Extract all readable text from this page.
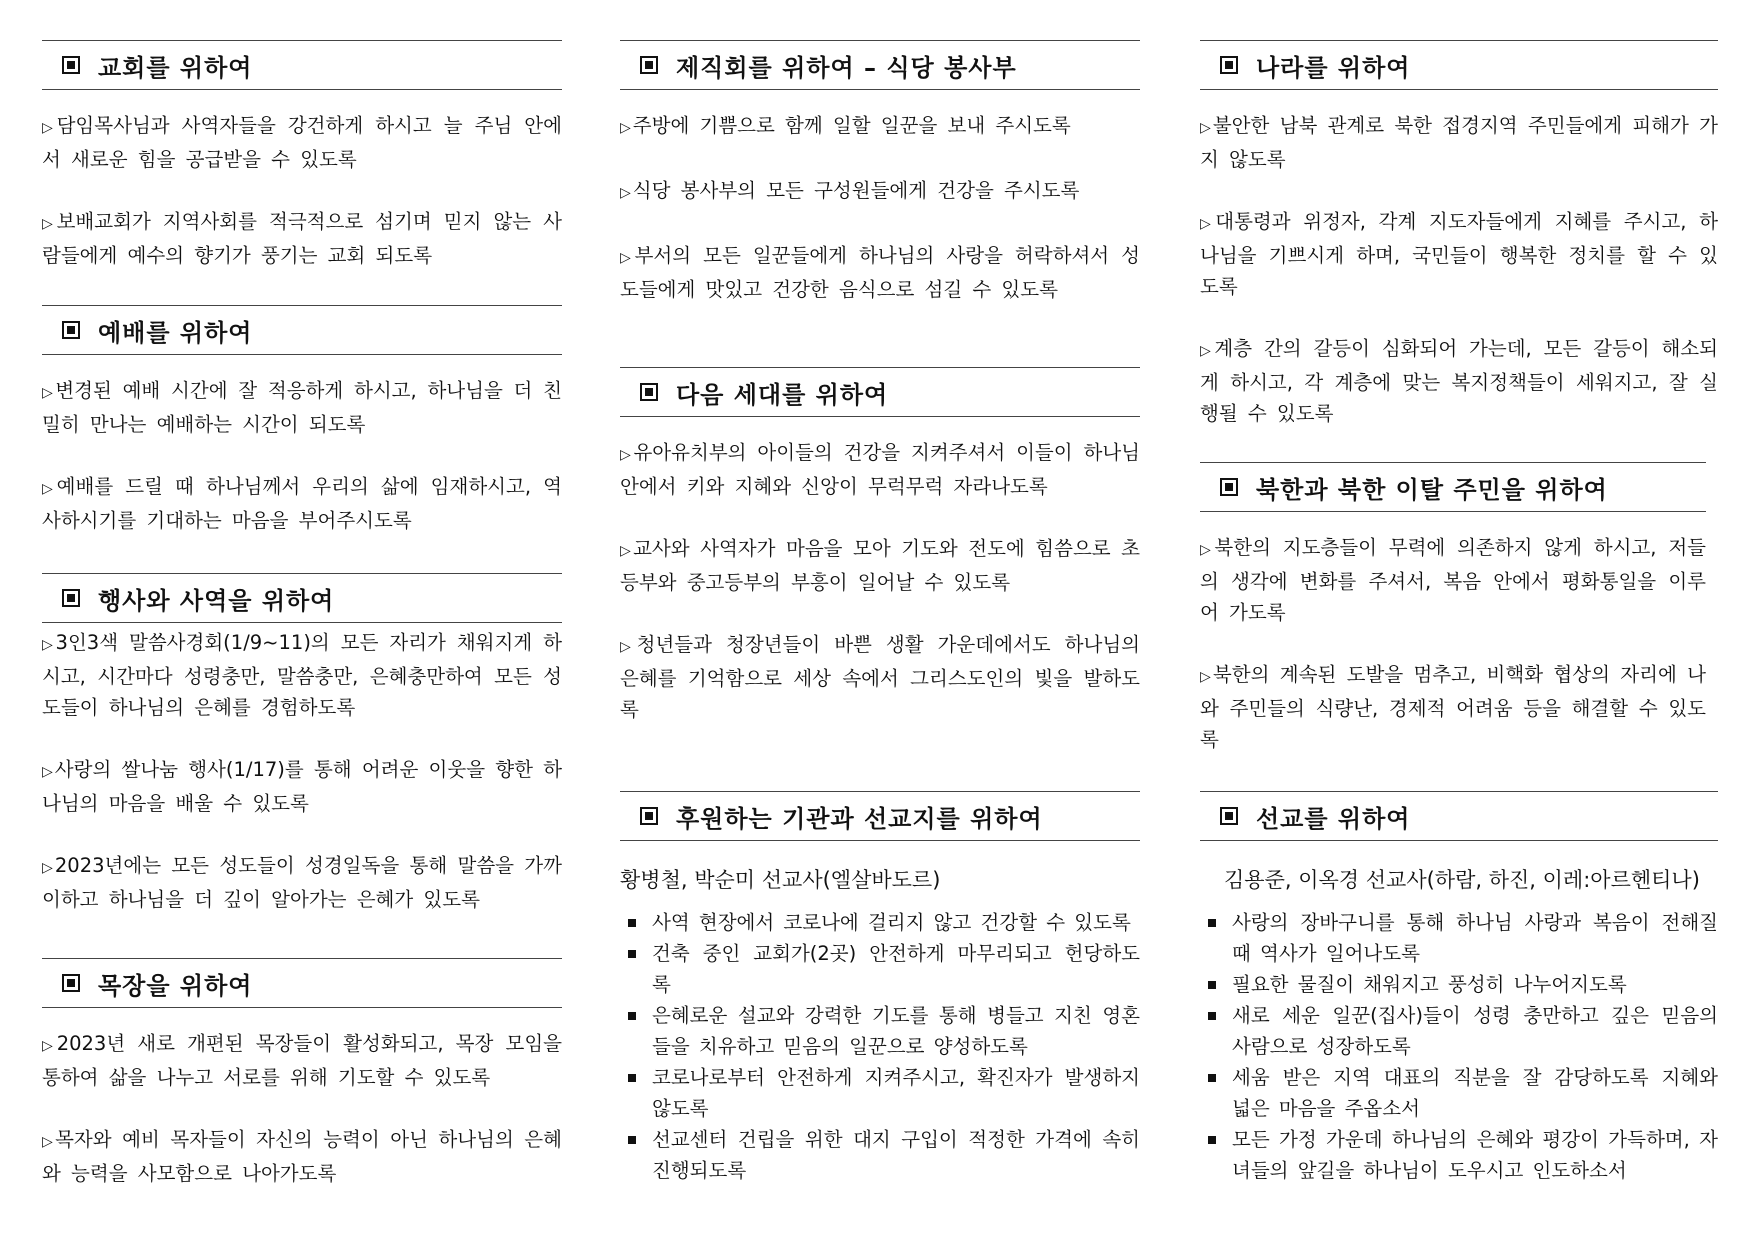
교회를 위하여
▷ 담임목사님과 사역자들을 강건하게 하시고 늘 주님 안에서 새로운 힘을 공급받을 수 있도록
▷ 보배교회가 지역사회를 적극적으로 섬기며 믿지 않는 사람들에게 예수의 향기가 풍기는 교회 되도록
예배를 위하여
▷ 변경된 예배 시간에 잘 적응하게 하시고, 하나님을 더 친밀히 만나는 예배하는 시간이 되도록
▷ 예배를 드릴 때 하나님께서 우리의 삶에 임재하시고, 역사하시기를 기대하는 마음을 부어주시도록
행사와 사역을 위하여
▷ 3인3색 말씀사경회(1/9~11)의 모든 자리가 채워지게 하시고, 시간마다 성령충만, 말씀충만, 은혜충만하여 모든 성도들이 하나님의 은혜를 경험하도록
▷ 사랑의 쌀나눔 행사(1/17)를 통해 어려운 이웃을 향한 하나님의 마음을 배울 수 있도록
▷ 2023년에는 모든 성도들이 성경일독을 통해 말씀을 가까이하고 하나님을 더 깊이 알아가는 은혜가 있도록
목장을 위하여
▷ 2023년 새로 개편된 목장들이 활성화되고, 목장 모임을 통하여 삶을 나누고 서로를 위해 기도할 수 있도록
▷ 목자와 예비 목자들이 자신의 능력이 아닌 하나님의 은혜와 능력을 사모함으로 나아가도록
제직회를 위하여 – 식당 봉사부
▷ 주방에 기쁨으로 함께 일할 일꾼을 보내 주시도록
▷ 식당 봉사부의 모든 구성원들에게 건강을 주시도록
▷ 부서의 모든 일꾼들에게 하나님의 사랑을 허락하셔서 성도들에게 맛있고 건강한 음식으로 섬길 수 있도록
다음 세대를 위하여
▷ 유아유치부의 아이들의 건강을 지켜주셔서 이들이 하나님 안에서 키와 지혜와 신앙이 무럭무럭 자라나도록
▷ 교사와 사역자가 마음을 모아 기도와 전도에 힘씀으로 초등부와 중고등부의 부흥이 일어날 수 있도록
▷ 청년들과 청장년들이 바쁜 생활 가운데에서도 하나님의 은혜를 기억함으로 세상 속에서 그리스도인의 빛을 발하도록
나라를 위하여
▷ 불안한 남북 관계로 북한 접경지역 주민들에게 피해가 가지 않도록
▷ 대통령과 위정자, 각계 지도자들에게 지혜를 주시고, 하나님을 기쁘시게 하며, 국민들이 행복한 정치를 할 수 있도록
▷ 계층 간의 갈등이 심화되어 가는데, 모든 갈등이 해소되게 하시고, 각 계층에 맞는 복지정책들이 세워지고, 잘 실행될 수 있도록
북한과 북한 이탈 주민을 위하여
▷ 북한의 지도층들이 무력에 의존하지 않게 하시고, 저들의 생각에 변화를 주셔서, 복음 안에서 평화통일을 이루어 가도록
▷ 북한의 계속된 도발을 멈추고, 비핵화 협상의 자리에 나와 주민들의 식량난, 경제적 어려움 등을 해결할 수 있도록
후원하는 기관과 선교지를 위하여
황병철, 박순미 선교사(엘살바도르)
사역 현장에서 코로나에 걸리지 않고 건강할 수 있도록
건축 중인 교회가(2곳) 안전하게 마무리되고 헌당하도록
은혜로운 설교와 강력한 기도를 통해 병들고 지친 영혼들을 치유하고 믿음의 일꾼으로 양성하도록
코로나로부터 안전하게 지켜주시고, 확진자가 발생하지 않도록
선교센터 건립을 위한 대지 구입이 적정한 가격에 속히 진행되도록
선교를 위하여
김용준, 이옥경 선교사(하람, 하진, 이레:아르헨티나)
사랑의 장바구니를 통해 하나님 사랑과 복음이 전해질 때 역사가 일어나도록
필요한 물질이 채워지고 풍성히 나누어지도록
새로 세운 일꾼(집사)들이 성령 충만하고 깊은 믿음의 사람으로 성장하도록
세움 받은 지역 대표의 직분을 잘 감당하도록 지혜와 넓은 마음을 주옵소서
모든 가정 가운데 하나님의 은혜와 평강이 가득하며, 자녀들의 앞길을 하나님이 도우시고 인도하소서
